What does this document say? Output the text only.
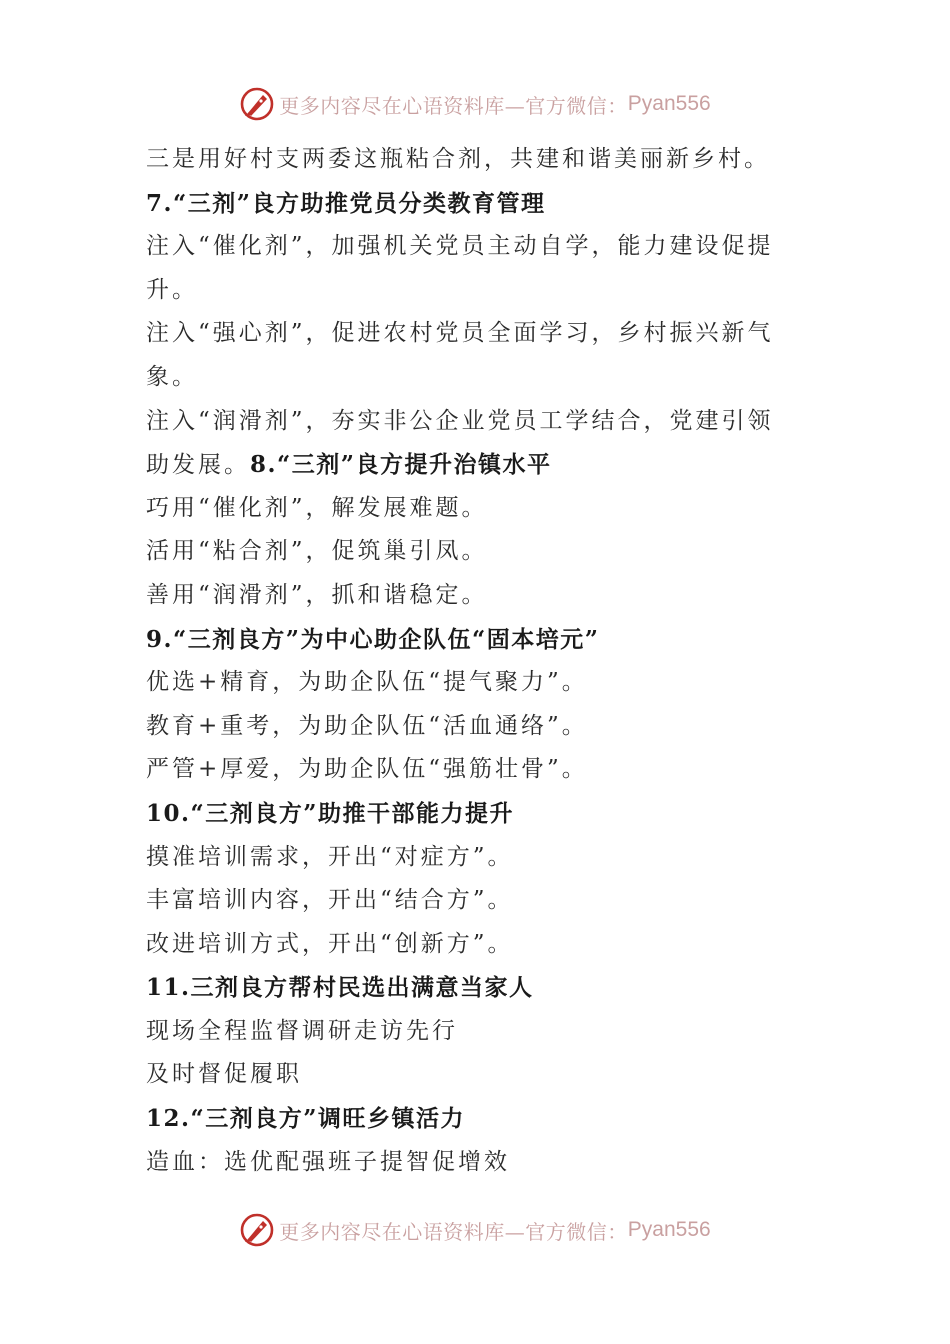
更多内容尽在心语资料库—官方微信： Pyan556
三是用好村支两委这瓶粘合剂，共建和谐美丽新乡村。
7.“三剂”良方助推党员分类教育管理
注入“催化剂”，加强机关党员主动自学，能力建设促提
升。
注入“强心剂”，促进农村党员全面学习，乡村振兴新气
象。
注入“润滑剂”，夯实非公企业党员工学结合，党建引领
助发展。8.“三剂”良方提升治镇水平
巧用“催化剂”，解发展难题。
活用“粘合剂”，促筑巢引凤。
善用“润滑剂”，抓和谐稳定。
9.“三剂良方”为中心助企队伍“固本培元”
优选+精育，为助企队伍“提气聚力”。
教育+重考，为助企队伍“活血通络”。
严管+厚爱，为助企队伍“强筋壮骨”。
10.“三剂良方”助推干部能力提升
摸准培训需求，开出“对症方”。
丰富培训内容，开出“结合方”。
改进培训方式，开出“创新方”。
11.三剂良方帮村民选出满意当家人
现场全程监督调研走访先行
及时督促履职
12.“三剂良方”调旺乡镇活力
造血：选优配强班子提智促增效
更多内容尽在心语资料库—官方微信： Pyan556
